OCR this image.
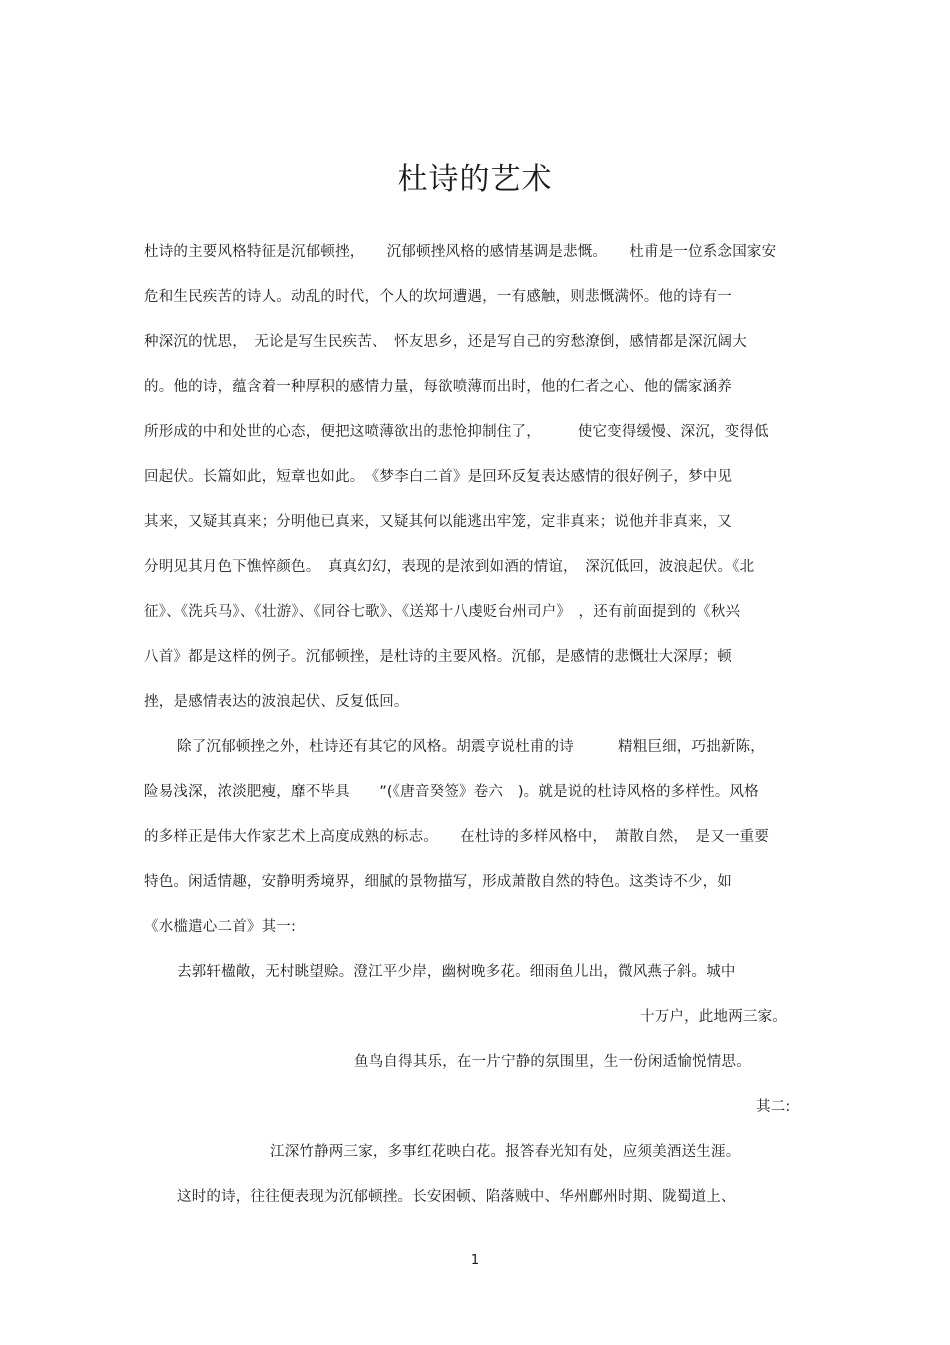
杜诗的艺术
杜诗的主要风格特征是沉郁顿挫，　　沉郁顿挫风格的感情基调是悲慨。　　杜甫是一位系念国家安
危和生民疾苦的诗人。动乱的时代，个人的坎坷遭遇，一有感触，则悲慨满怀。他的诗有一
种深沉的忧思，　无论是写生民疾苦、　怀友思乡，还是写自己的穷愁潦倒，感情都是深沉阔大
的。他的诗，蕴含着一种厚积的感情力量，每欲喷薄而出时，他的仁者之心、他的儒家涵养
所形成的中和处世的心态，便把这喷薄欲出的悲怆抑制住了，　　　使它变得缓慢、深沉，变得低
回起伏。长篇如此，短章也如此。　《梦李白二首》是回环反复表达感情的很好例子，梦中见
其来，又疑其真来；分明他已真来，又疑其何以能逃出牢笼，定非真来；说他并非真来，又
分明见其月色下憔悴颜色。　真真幻幻，表现的是浓到如酒的情谊，　深沉低回，波浪起伏。《北
征》、《洗兵马》、《壮游》、《同谷七歌》、《送郑十八虔贬台州司户》　，还有前面提到的《秋兴
八首》都是这样的例子。沉郁顿挫，是杜诗的主要风格。沉郁，是感情的悲慨壮大深厚；顿
挫，是感情表达的波浪起伏、反复低回。
除了沉郁顿挫之外，杜诗还有其它的风格。胡震亨说杜甫的诗　　　精粗巨细，巧拙新陈，
险易浅深，浓淡肥瘦，靡不毕具　　”(《唐音癸签》卷六　)。就是说的杜诗风格的多样性。风格
的多样正是伟大作家艺术上高度成熟的标志。　　在杜诗的多样风格中，　萧散自然，　是又一重要
特色。闲适情趣，安静明秀境界，细腻的景物描写，形成萧散自然的特色。这类诗不少，如
《水槛遣心二首》其一:
去郭轩楹敞，无村眺望赊。澄江平少岸，幽树晚多花。细雨鱼儿出，微风燕子斜。城中
十万户，此地两三家。
鱼鸟自得其乐，在一片宁静的氛围里，生一份闲适愉悦情思。
其二:
江深竹静两三家，多事红花映白花。报答春光知有处，应须美酒送生涯。
这时的诗，往往便表现为沉郁顿挫。长安困顿、陷落贼中、华州鄜州时期、陇蜀道上、
1
